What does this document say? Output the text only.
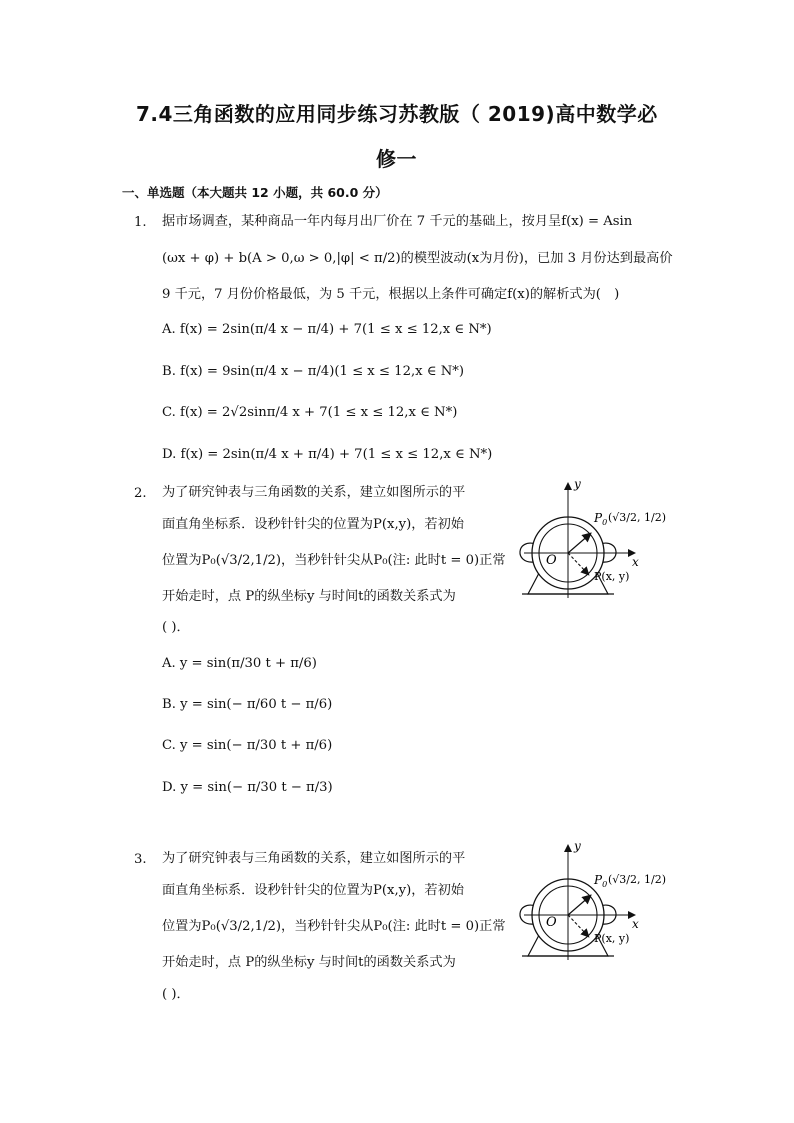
7.4三角函数的应用同步练习苏教版（ 2019)高中数学必
修一
一、单选题（本大题共 12 小题，共 60.0 分）
1. 据市场调查，某种商品一年内每月出厂价在 7 千元的基础上，按月呈f(x) = Asin
(ωx + φ) + b(A > 0,ω > 0,|φ| < π/2)的模型波动(x为月份)，已加 3 月份达到最高价
9 千元，7 月份价格最低，为 5 千元，根据以上条件可确定f(x)的解析式为(　)
A. f(x) = 2sin(π/4 x − π/4) + 7(1 ≤ x ≤ 12,x ∈ N*)
B. f(x) = 9sin(π/4 x − π/4)(1 ≤ x ≤ 12,x ∈ N*)
C. f(x) = 2√2sinπ/4 x + 7(1 ≤ x ≤ 12,x ∈ N*)
D. f(x) = 2sin(π/4 x + π/4) + 7(1 ≤ x ≤ 12,x ∈ N*)
2. 为了研究钟表与三角函数的关系，建立如图所示的平
面直角坐标系．设秒针针尖的位置为P(x,y)，若初始
位置为P₀(√3/2,1/2)，当秒针针尖从P₀(注: 此时t = 0)正常
开始走时，点 P的纵坐标y 与时间t的函数关系式为
( )．
A. y = sin(π/30 t + π/6)
B. y = sin(− π/60 t − π/6)
C. y = sin(− π/30 t + π/6)
D. y = sin(− π/30 t − π/3)
3. 为了研究钟表与三角函数的关系，建立如图所示的平
面直角坐标系．设秒针针尖的位置为P(x,y)，若初始
位置为P₀(√3/2,1/2)，当秒针针尖从P₀(注: 此时t = 0)正常
开始走时，点 P的纵坐标y 与时间t的函数关系式为
( )．
y
x
O
$P_0$ (√3/2, 1/2)
P(x, y)
y
x
O
$P_0$ (√3/2, 1/2)
P(x, y)
